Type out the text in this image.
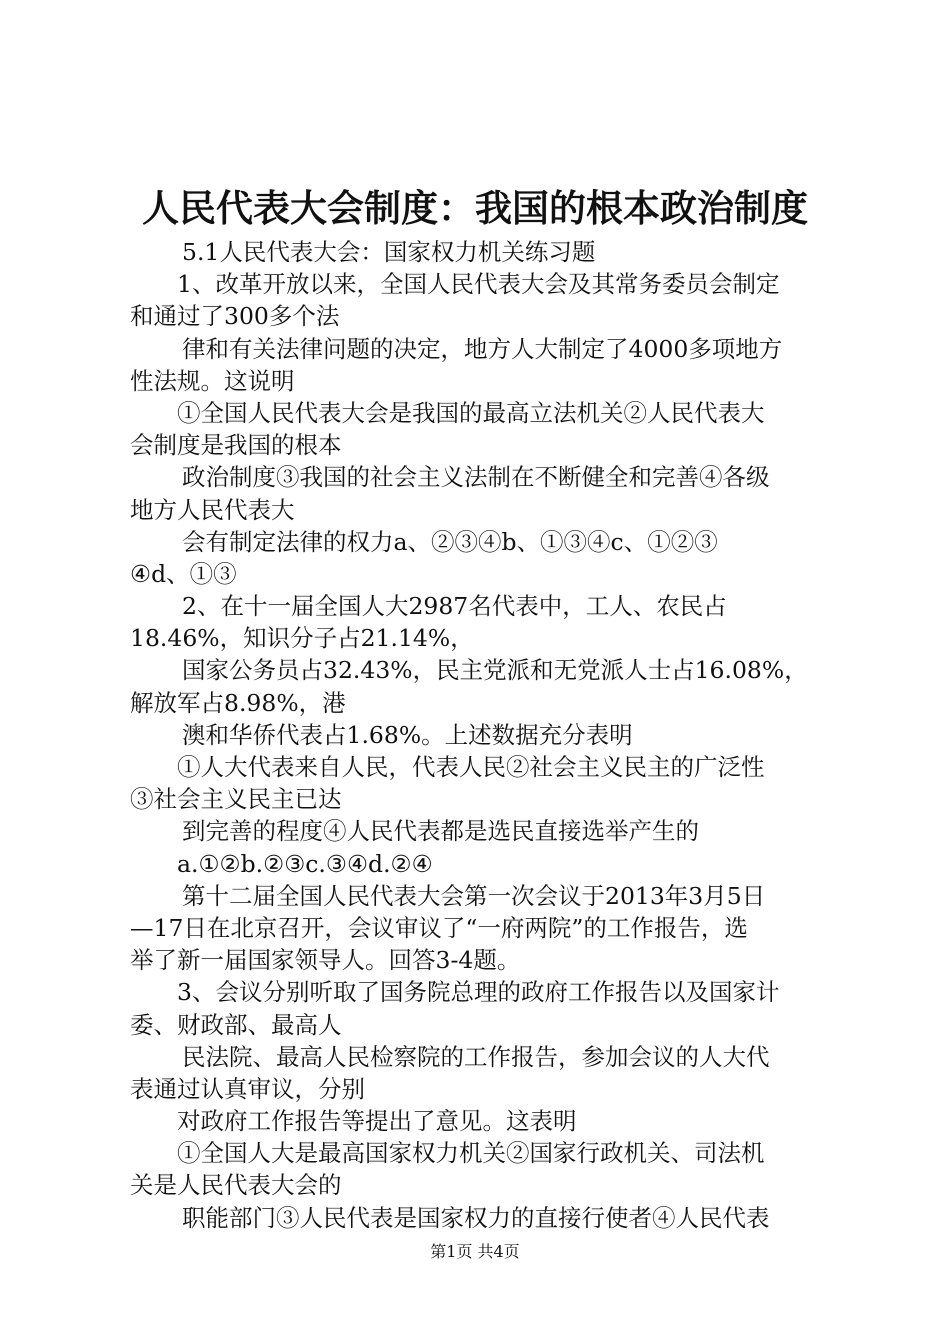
人民代表大会制度：我国的根本政治制度
5.1人民代表大会：国家权力机关练习题
1、改革开放以来，全国人民代表大会及其常务委员会制定
和通过了300多个法
律和有关法律问题的决定，地方人大制定了4000多项地方
性法规。这说明
①全国人民代表大会是我国的最高立法机关②人民代表大
会制度是我国的根本
政治制度③我国的社会主义法制在不断健全和完善④各级
地方人民代表大
会有制定法律的权力a、②③④b、①③④c、①②③
④d、①③
2、在十一届全国人大2987名代表中，工人、农民占
18.46%，知识分子占21.14%，
国家公务员占32.43%，民主党派和无党派人士占16.08%，
解放军占8.98%，港
澳和华侨代表占1.68%。上述数据充分表明
①人大代表来自人民，代表人民②社会主义民主的广泛性
③社会主义民主已达
到完善的程度④人民代表都是选民直接选举产生的
a.①②b.②③c.③④d.②④
第十二届全国人民代表大会第一次会议于2013年3月5日
—17日在北京召开，会议审议了“一府两院”的工作报告，选
举了新一届国家领导人。回答3-4题。
3、会议分别听取了国务院总理的政府工作报告以及国家计
委、财政部、最高人
民法院、最高人民检察院的工作报告，参加会议的人大代
表通过认真审议，分别
对政府工作报告等提出了意见。这表明
①全国人大是最高国家权力机关②国家行政机关、司法机
关是人民代表大会的
职能部门③人民代表是国家权力的直接行使者④人民代表
第1页 共4页
